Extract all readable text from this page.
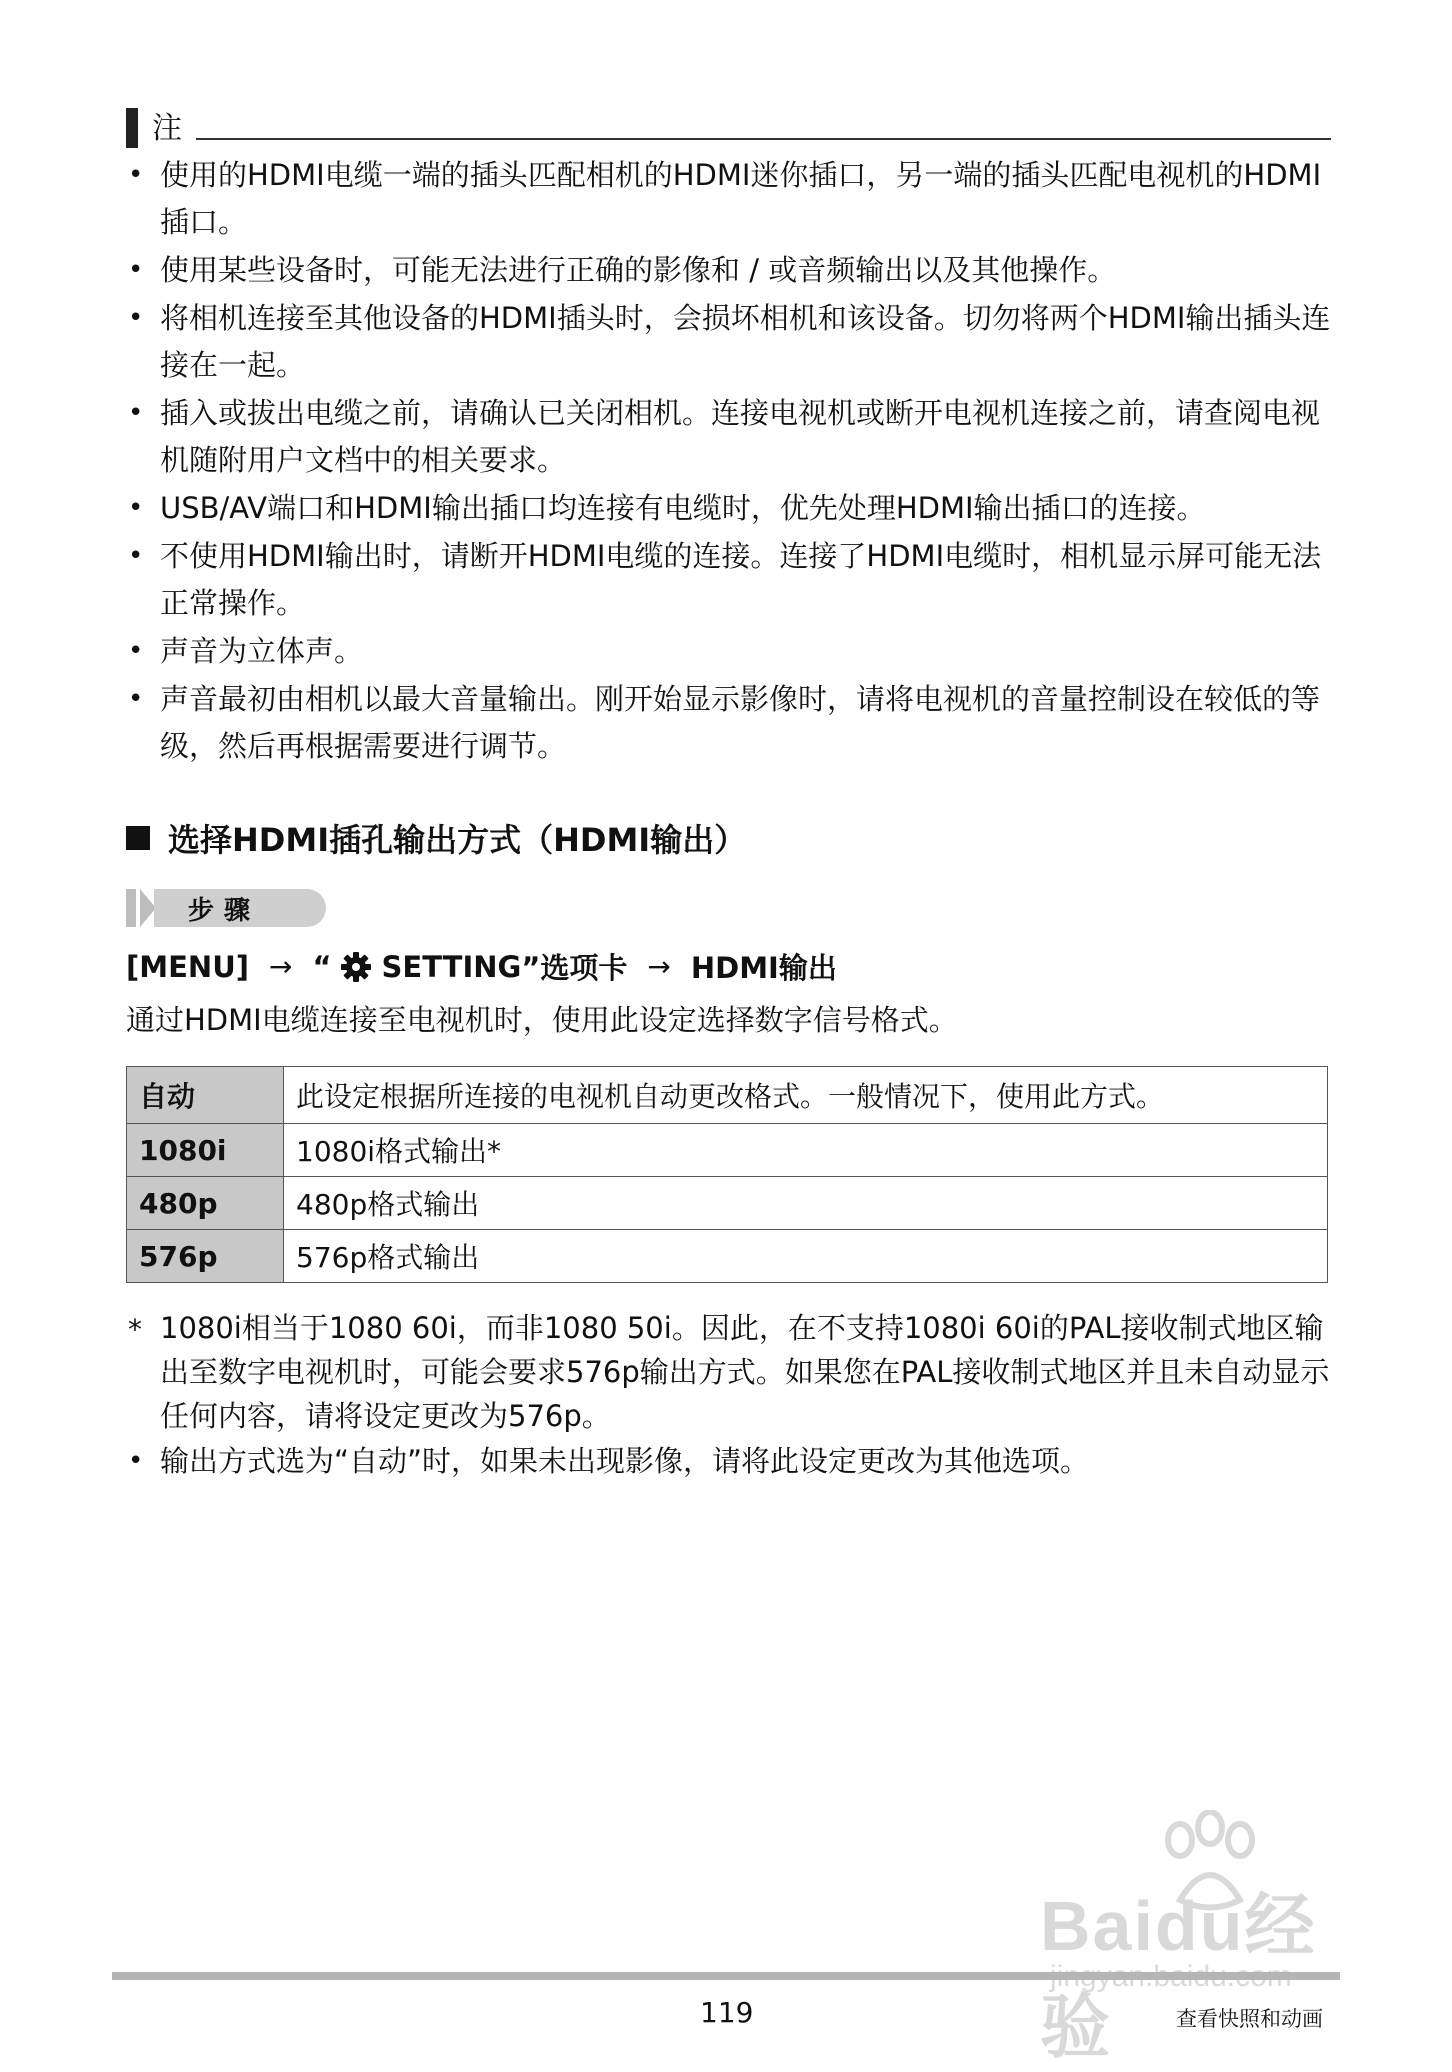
注
• 使用的HDMI电缆一端的插头匹配相机的HDMI迷你插口，另一端的插头匹配电视机的HDMI插口。
• 使用某些设备时，可能无法进行正确的影像和 / 或音频输出以及其他操作。
• 将相机连接至其他设备的HDMI插头时，会损坏相机和该设备。切勿将两个HDMI输出插头连接在一起。
• 插入或拔出电缆之前，请确认已关闭相机。连接电视机或断开电视机连接之前，请查阅电视机随附用户文档中的相关要求。
• USB/AV端口和HDMI输出插口均连接有电缆时，优先处理HDMI输出插口的连接。
• 不使用HDMI输出时，请断开HDMI电缆的连接。连接了HDMI电缆时，相机显示屏可能无法正常操作。
• 声音为立体声。
• 声音最初由相机以最大音量输出。刚开始显示影像时，请将电视机的音量控制设在较低的等级，然后再根据需要进行调节。
选择HDMI插孔输出方式（HDMI输出）
步骤
[MENU] → “ SETTING ”选项卡 → HDMI输出
通过HDMI电缆连接至电视机时，使用此设定选择数字信号格式。
自动	此设定根据所连接的电视机自动更改格式。一般情况下，使用此方式。
1080i	1080i格式输出*
480p	480p格式输出
576p	576p格式输出
* 1080i相当于1080 60i，而非1080 50i。因此，在不支持1080i 60i的PAL接收制式地区输出至数字电视机时，可能会要求576p输出方式。如果您在PAL接收制式地区并且未自动显示任何内容，请将设定更改为576p。
• 输出方式选为“自动”时，如果未出现影像，请将此设定更改为其他选项。
Baidu经验
119	查看快照和动画
